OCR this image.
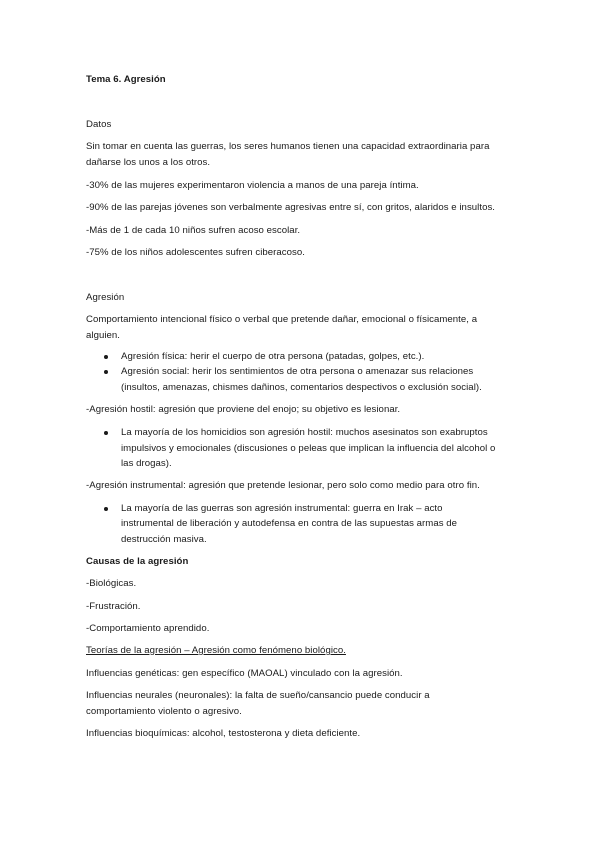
Tema 6. Agresión
Datos
Sin tomar en cuenta las guerras, los seres humanos tienen una capacidad extraordinaria para
dañarse los unos a los otros.
-30% de las mujeres experimentaron violencia a manos de una pareja íntima.
-90% de las parejas jóvenes son verbalmente agresivas entre sí, con gritos, alaridos e insultos.
-Más de 1 de cada 10 niños sufren acoso escolar.
-75% de los niños adolescentes sufren ciberacoso.
Agresión
Comportamiento intencional físico o verbal que pretende dañar, emocional o físicamente, a
alguien.
Agresión física: herir el cuerpo de otra persona (patadas, golpes, etc.).
Agresión social: herir los sentimientos de otra persona o amenazar sus relaciones
(insultos, amenazas, chismes dañinos, comentarios despectivos o exclusión social).
-Agresión hostil: agresión que proviene del enojo; su objetivo es lesionar.
La mayoría de los homicidios son agresión hostil: muchos asesinatos son exabruptos
impulsivos y emocionales (discusiones o peleas que implican la influencia del alcohol o
las drogas).
-Agresión instrumental: agresión que pretende lesionar, pero solo como medio para otro fin.
La mayoría de las guerras son agresión instrumental: guerra en Irak – acto
instrumental de liberación y autodefensa en contra de las supuestas armas de
destrucción masiva.
Causas de la agresión
-Biológicas.
-Frustración.
-Comportamiento aprendido.
Teorías de la agresión – Agresión como fenómeno biológico.
Influencias genéticas: gen específico (MAOAL) vinculado con la agresión.
Influencias neurales (neuronales): la falta de sueño/cansancio puede conducir a
comportamiento violento o agresivo.
Influencias bioquímicas: alcohol, testosterona y dieta deficiente.
